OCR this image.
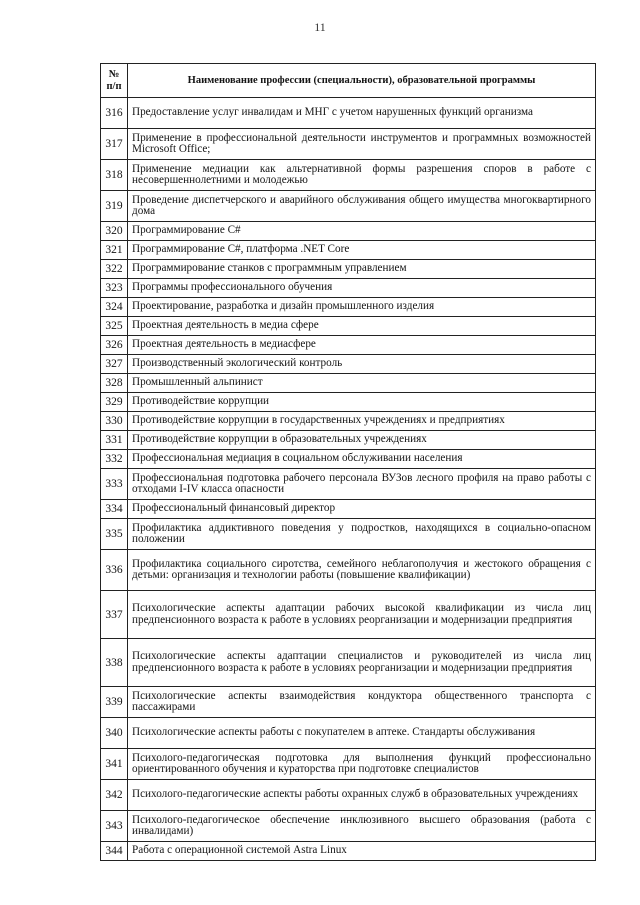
11
№
п/п	Наименование профессии (специальности), образовательной программы
316	Предоставление услуг инвалидам и МНГ с учетом нарушенных функций организма
317	Применение в профессиональной деятельности инструментов и программных возможностей Microsoft Office;
318	Применение медиации как альтернативной формы разрешения споров в работе с несовершеннолетними и молодежью
319	Проведение диспетчерского и аварийного обслуживания общего имущества многоквартирного дома
320	Программирование С#
321	Программирование С#, платформа .NET Core
322	Программирование станков с программным управлением
323	Программы профессионального обучения
324	Проектирование, разработка и дизайн промышленного изделия
325	Проектная деятельность в медиа сфере
326	Проектная деятельность в медиасфере
327	Производственный экологический контроль
328	Промышленный альпинист
329	Противодействие коррупции
330	Противодействие коррупции в государственных учреждениях и предприятиях
331	Противодействие коррупции в образовательных учреждениях
332	Профессиональная медиация в социальном обслуживании населения
333	Профессиональная подготовка рабочего персонала ВУЗов лесного профиля на право работы с отходами I-IV класса опасности
334	Профессиональный финансовый директор
335	Профилактика аддиктивного поведения у подростков, находящихся в социально-опасном положении
336	Профилактика социального сиротства, семейного неблагополучия и жестокого обращения с детьми: организация и технологии работы (повышение квалификации)
337	Психологические аспекты адаптации рабочих высокой квалификации из числа лиц предпенсионного возраста к работе в условиях реорганизации и модернизации предприятия
338	Психологические аспекты адаптации специалистов и руководителей из числа лиц предпенсионного возраста к работе в условиях реорганизации и модернизации предприятия
339	Психологические аспекты взаимодействия кондуктора общественного транспорта с пассажирами
340	Психологические аспекты работы с покупателем в аптеке. Стандарты обслуживания
341	Психолого-педагогическая подготовка для выполнения функций профессионально ориентированного обучения и кураторства при подготовке специалистов
342	Психолого-педагогические аспекты работы охранных служб в образовательных учреждениях
343	Психолого-педагогическое обеспечение инклюзивного высшего образования (работа с инвалидами)
344	Работа с операционной системой Astra Linux
